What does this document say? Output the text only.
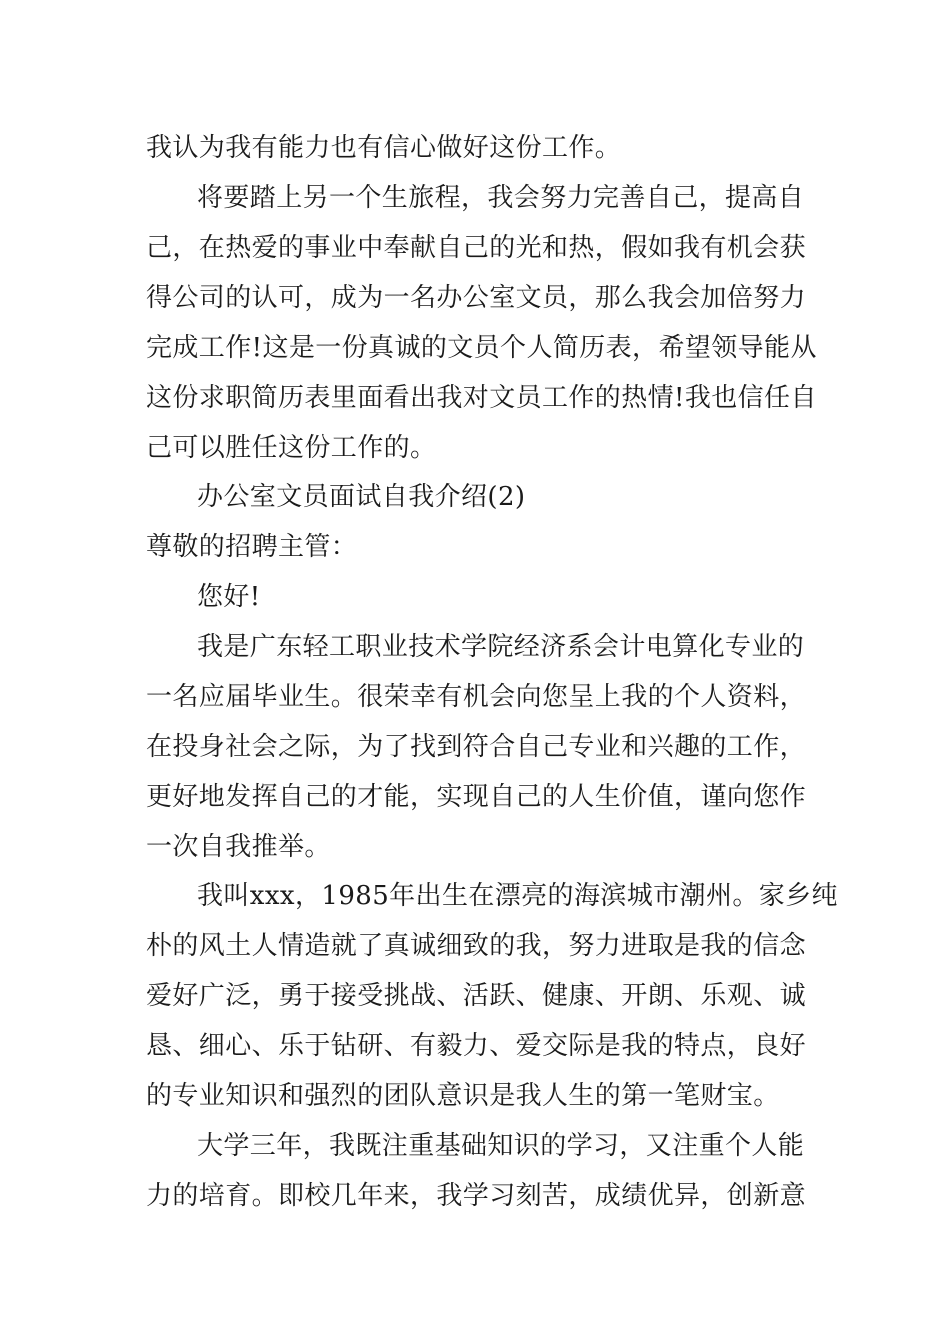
我认为我有能力也有信心做好这份工作。
将要踏上另一个生旅程，我会努力完善自己，提高自
己，在热爱的事业中奉献自己的光和热，假如我有机会获
得公司的认可，成为一名办公室文员，那么我会加倍努力
完成工作!这是一份真诚的文员个人简历表，希望领导能从
这份求职简历表里面看出我对文员工作的热情!我也信任自
己可以胜任这份工作的。
办公室文员面试自我介绍(2)
尊敬的招聘主管：
您好!
我是广东轻工职业技术学院经济系会计电算化专业的
一名应届毕业生。很荣幸有机会向您呈上我的个人资料，
在投身社会之际，为了找到符合自己专业和兴趣的工作，
更好地发挥自己的才能，实现自己的人生价值，谨向您作
一次自我推举。
我叫xxx，1985年出生在漂亮的海滨城市潮州。家乡纯
朴的风土人情造就了真诚细致的我，努力进取是我的信念
爱好广泛，勇于接受挑战、活跃、健康、开朗、乐观、诚
恳、细心、乐于钻研、有毅力、爱交际是我的特点，良好
的专业知识和强烈的团队意识是我人生的第一笔财宝。
大学三年，我既注重基础知识的学习，又注重个人能
力的培育。即校几年来，我学习刻苦，成绩优异，创新意
